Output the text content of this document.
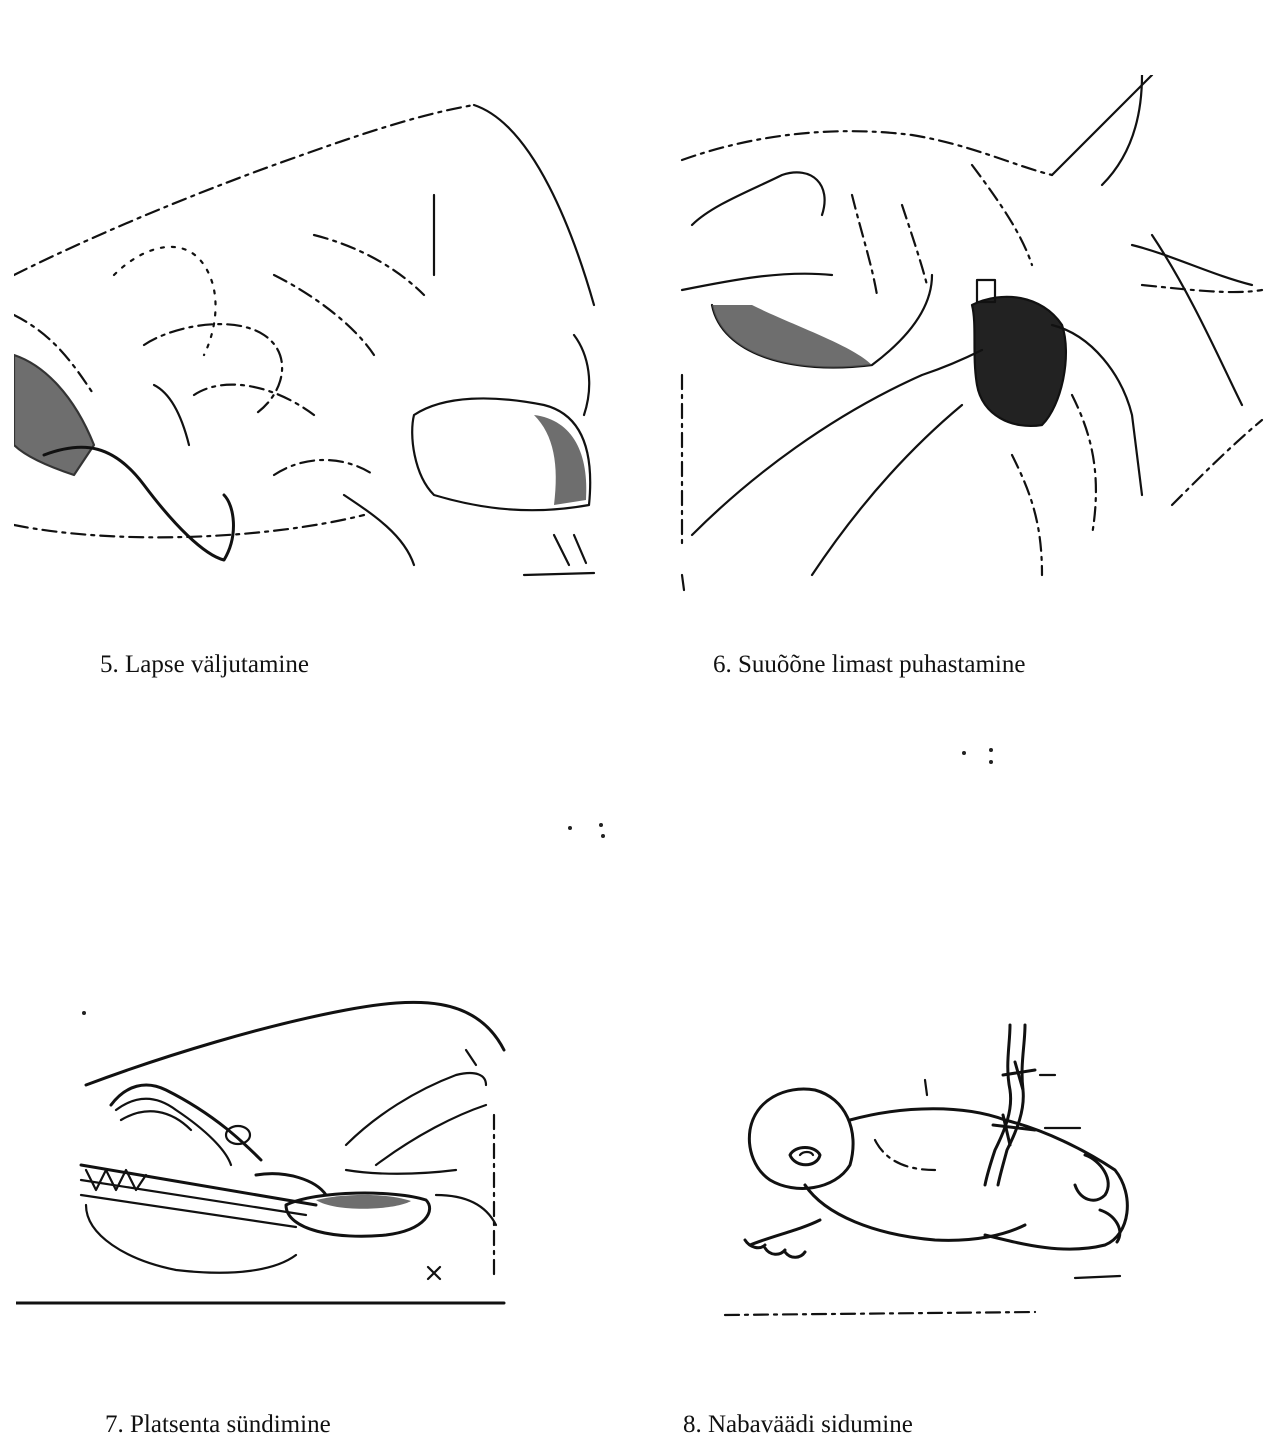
5. Lapse väljutamine	6. Suuõõne limast puhastamine
7. Platsenta sündimine	8. Nabaväädi sidumine
